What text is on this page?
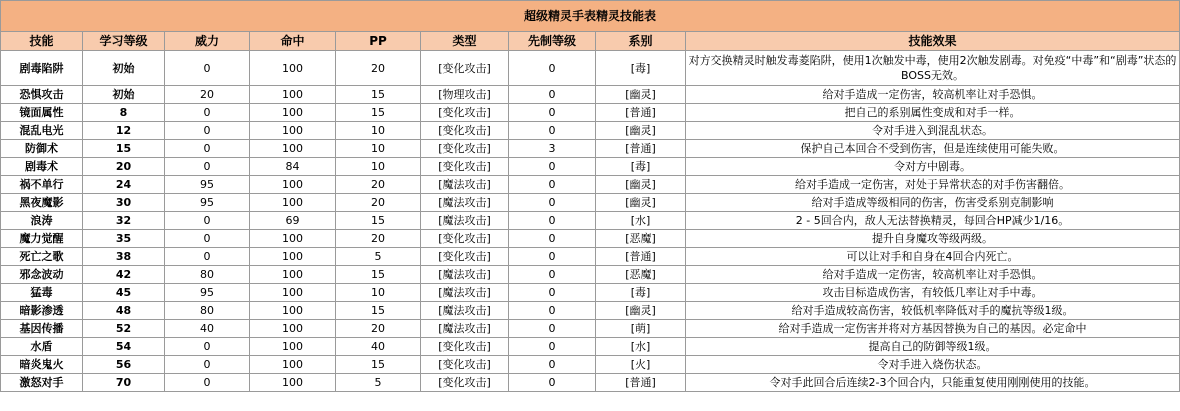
超级精灵手表精灵技能表								
技能	学习等级	威力	命中	PP	类型	先制等级	系别	技能效果
剧毒陷阱	初始	0	100	20	[变化攻击]	0	[毒]	对方交换精灵时触发毒菱陷阱，使用1次触发中毒，使用2次触发剧毒。对免疫“中毒”和“剧毒”状态的BOSS无效。
恐惧攻击	初始	20	100	15	[物理攻击]	0	[幽灵]	给对手造成一定伤害，较高机率让对手恐惧。
镜面属性	8	0	100	15	[变化攻击]	0	[普通]	把自己的系别属性变成和对手一样。
混乱电光	12	0	100	10	[变化攻击]	0	[幽灵]	令对手进入到混乱状态。
防御术	15	0	100	10	[变化攻击]	3	[普通]	保护自己本回合不受到伤害，但是连续使用可能失败。
剧毒术	20	0	84	10	[变化攻击]	0	[毒]	令对方中剧毒。
祸不单行	24	95	100	20	[魔法攻击]	0	[幽灵]	给对手造成一定伤害，对处于异常状态的对手伤害翻倍。
黑夜魔影	30	95	100	20	[魔法攻击]	0	[幽灵]	给对手造成等级相同的伤害，伤害受系别克制影响
浪涛	32	0	69	15	[魔法攻击]	0	[水]	2 - 5回合内，敌人无法替换精灵，每回合HP减少1/16。
魔力觉醒	35	0	100	20	[变化攻击]	0	[恶魔]	提升自身魔攻等级两级。
死亡之歌	38	0	100	5	[变化攻击]	0	[普通]	可以让对手和自身在4回合内死亡。
邪念波动	42	80	100	15	[魔法攻击]	0	[恶魔]	给对手造成一定伤害，较高机率让对手恐惧。
猛毒	45	95	100	10	[魔法攻击]	0	[毒]	攻击目标造成伤害，有较低几率让对手中毒。
暗影渗透	48	80	100	15	[魔法攻击]	0	[幽灵]	给对手造成较高伤害，较低机率降低对手的魔抗等级1级。
基因传播	52	40	100	20	[魔法攻击]	0	[萌]	给对手造成一定伤害并将对方基因替换为自己的基因。必定命中
水盾	54	0	100	40	[变化攻击]	0	[水]	提高自己的防御等级1级。
暗炎鬼火	56	0	100	15	[变化攻击]	0	[火]	令对手进入烧伤状态。
激怒对手	70	0	100	5	[变化攻击]	0	[普通]	令对手此回合后连续2-3个回合内，只能重复使用刚刚使用的技能。
